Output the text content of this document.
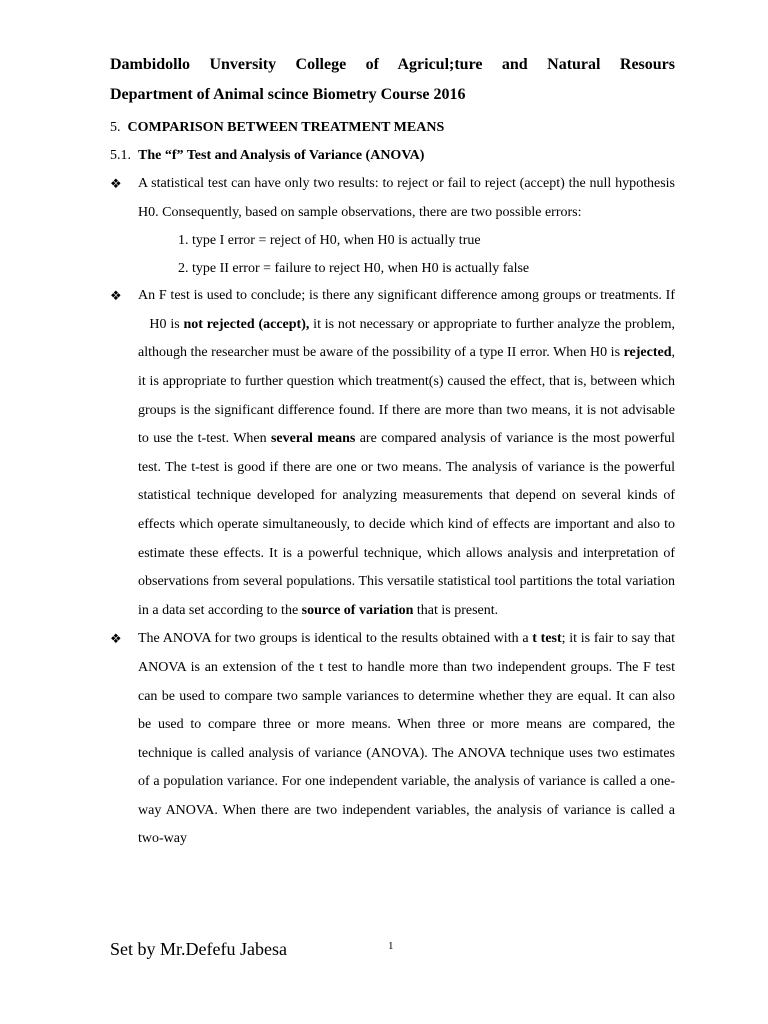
Dambidollo Unversity College of Agricul;ture and Natural Resours
Department of Animal scince Biometry Course 2016
5. COMPARISON BETWEEN TREATMENT MEANS
5.1. The “f” Test and Analysis of Variance (ANOVA)
❖ A statistical test can have only two results: to reject or fail to reject (accept) the null hypothesis H0. Consequently, based on sample observations, there are two possible errors:
1. type I error = reject of H0, when H0 is actually true
2. type II error = failure to reject H0, when H0 is actually false
❖ An F test is used to conclude; is there any significant difference among groups or treatments. If    H0 is not rejected (accept), it is not necessary or appropriate to further analyze the problem, although the researcher must be aware of the possibility of a type II error. When H0 is rejected, it is appropriate to further question which treatment(s) caused the effect, that is, between which groups is the significant difference found. If there are more than two means, it is not advisable to use the t-test. When several means are compared analysis of variance is the most powerful test. The t-test is good if there are one or two means. The analysis of variance is the powerful statistical technique developed for analyzing measurements that depend on several kinds of effects which operate simultaneously, to decide which kind of effects are important and also to estimate these effects. It is a powerful technique, which allows analysis and interpretation of observations from several populations. This versatile statistical tool partitions the total variation in a data set according to the source of variation that is present.
❖ The ANOVA for two groups is identical to the results obtained with a t test; it is fair to say that ANOVA is an extension of the t test to handle more than two independent groups. The F test can be used to compare two sample variances to determine whether they are equal. It can also be used to compare three or more means. When three or more means are compared, the technique is called analysis of variance (ANOVA). The ANOVA technique uses two estimates of a population variance. For one independent variable, the analysis of variance is called a one-way ANOVA. When there are two independent variables, the analysis of variance is called a two-way
Set by Mr.Defefu Jabesa	1
